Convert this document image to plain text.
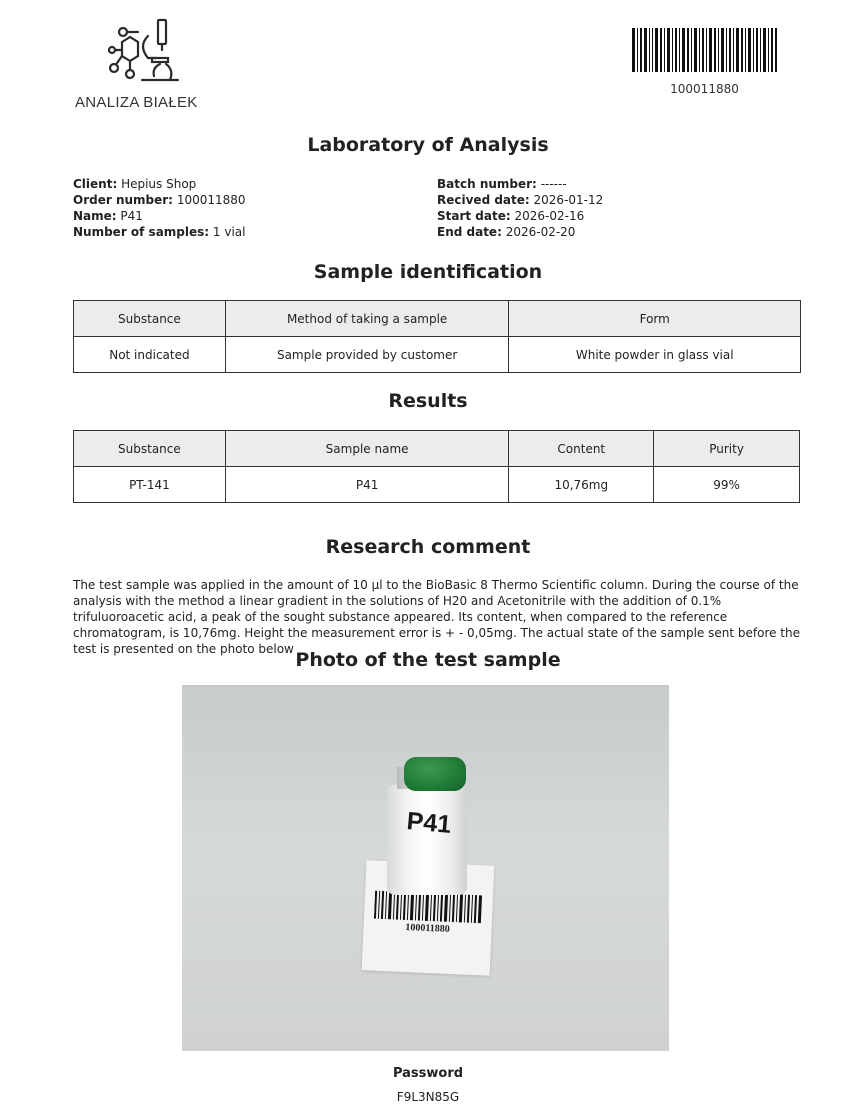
ANALIZA BIAŁEK
100011880
Laboratory of Analysis
Client: Hepius Shop
Order number: 100011880
Name: P41
Number of samples: 1 vial
Batch number: ------
Recived date: 2026-01-12
Start date: 2026-02-16
End date: 2026-02-20
Sample identification
Substance	Method of taking a sample	Form
Not indicated	Sample provided by customer	White powder in glass vial
Results
Substance	Sample name	Content	Purity
PT-141	P41	10,76mg	99%
Research comment
The test sample was applied in the amount of 10 µl to the BioBasic 8 Thermo Scientific column. During the course of the analysis with the method a linear gradient in the solutions of H20 and Acetonitrile with the addition of 0.1% trifuluoroacetic acid, a peak of the sought substance appeared. Its content, when compared to the reference chromatogram, is 10,76mg. Height the measurement error is + - 0,05mg. The actual state of the sample sent before the test is presented on the photo below Photo of the test sample
100011880
P41
Password
F9L3N85G
